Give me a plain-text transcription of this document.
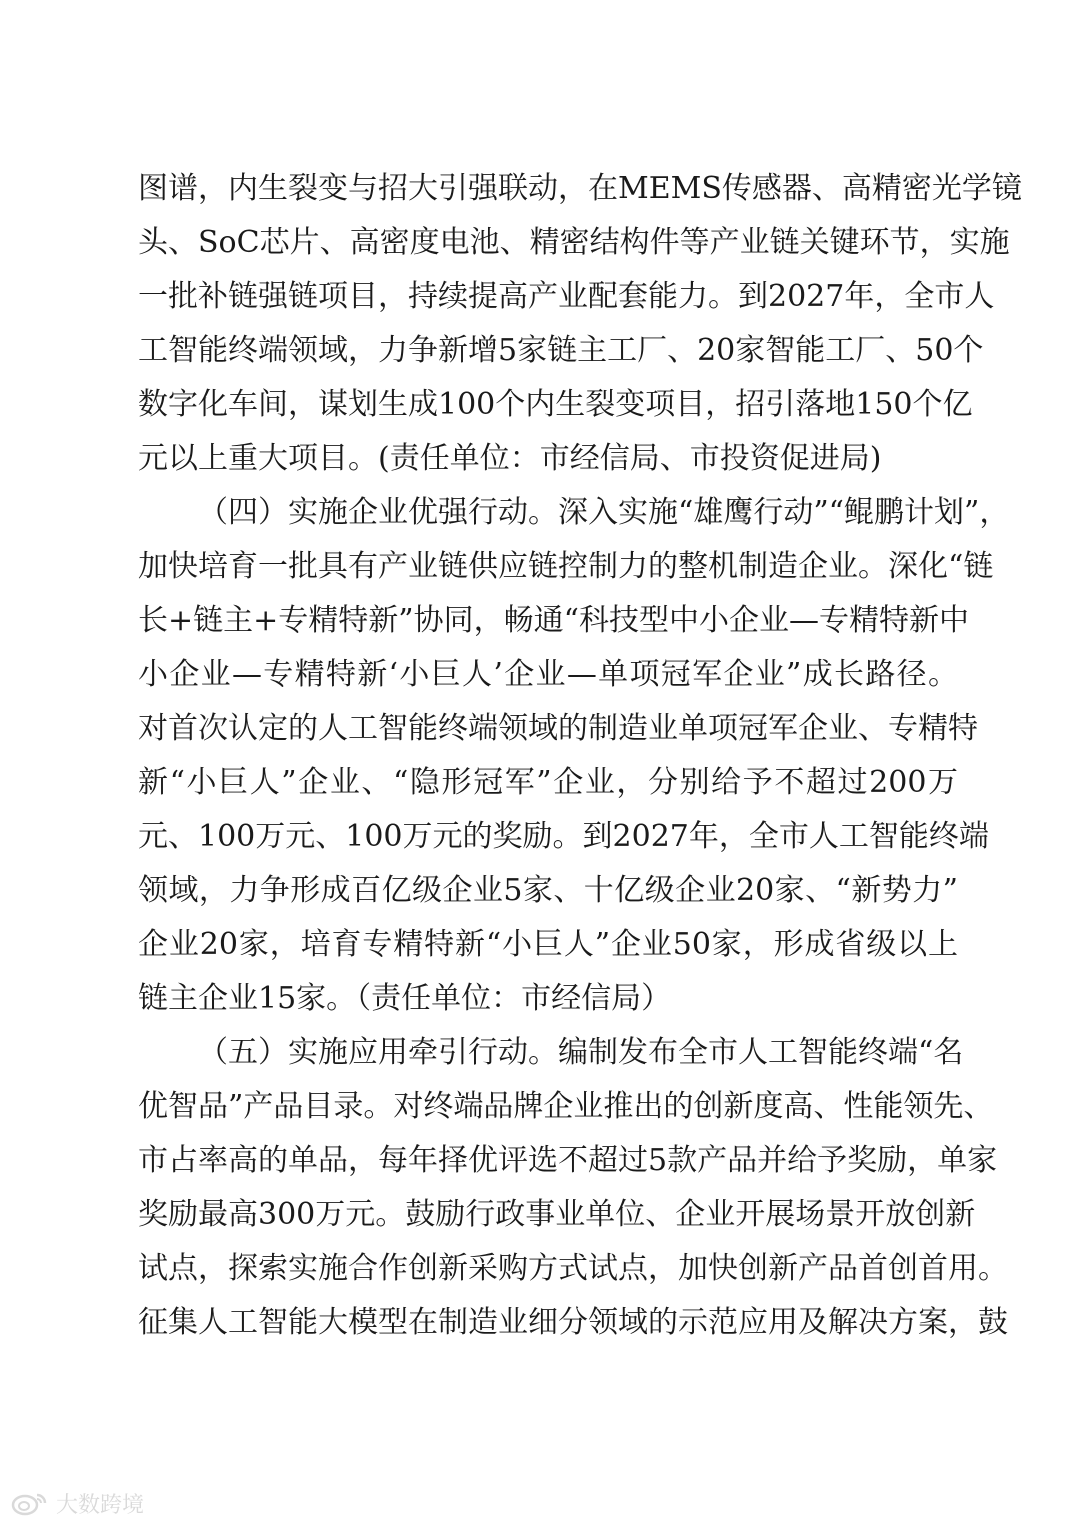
图谱，内生裂变与招大引强联动，在MEMS传感器、高精密光学镜
头、SoC芯片、高密度电池、精密结构件等产业链关键环节，实施
一批补链强链项目，持续提高产业配套能力。到2027年，全市人
工智能终端领域，力争新增5家链主工厂、20家智能工厂、50个
数字化车间，谋划生成100个内生裂变项目，招引落地150个亿
元以上重大项目。(责任单位：市经信局、市投资促进局)
（四）实施企业优强行动。深入实施“雄鹰行动”“鲲鹏计划”，
加快培育一批具有产业链供应链控制力的整机制造企业。深化“链
长+链主+专精特新”协同，畅通“科技型中小企业—专精特新中
小企业—专精特新‘小巨人’企业—单项冠军企业”成长路径。
对首次认定的人工智能终端领域的制造业单项冠军企业、专精特
新“小巨人”企业、“隐形冠军”企业，分别给予不超过200万
元、100万元、100万元的奖励。到2027年，全市人工智能终端
领域，力争形成百亿级企业5家、十亿级企业20家、“新势力”
企业20家，培育专精特新“小巨人”企业50家，形成省级以上
链主企业15家。（责任单位：市经信局）
（五）实施应用牵引行动。编制发布全市人工智能终端“名
优智品”产品目录。对终端品牌企业推出的创新度高、性能领先、
市占率高的单品，每年择优评选不超过5款产品并给予奖励，单家
奖励最高300万元。鼓励行政事业单位、企业开展场景开放创新
试点，探索实施合作创新采购方式试点，加快创新产品首创首用。
征集人工智能大模型在制造业细分领域的示范应用及解决方案，鼓
大数跨境
